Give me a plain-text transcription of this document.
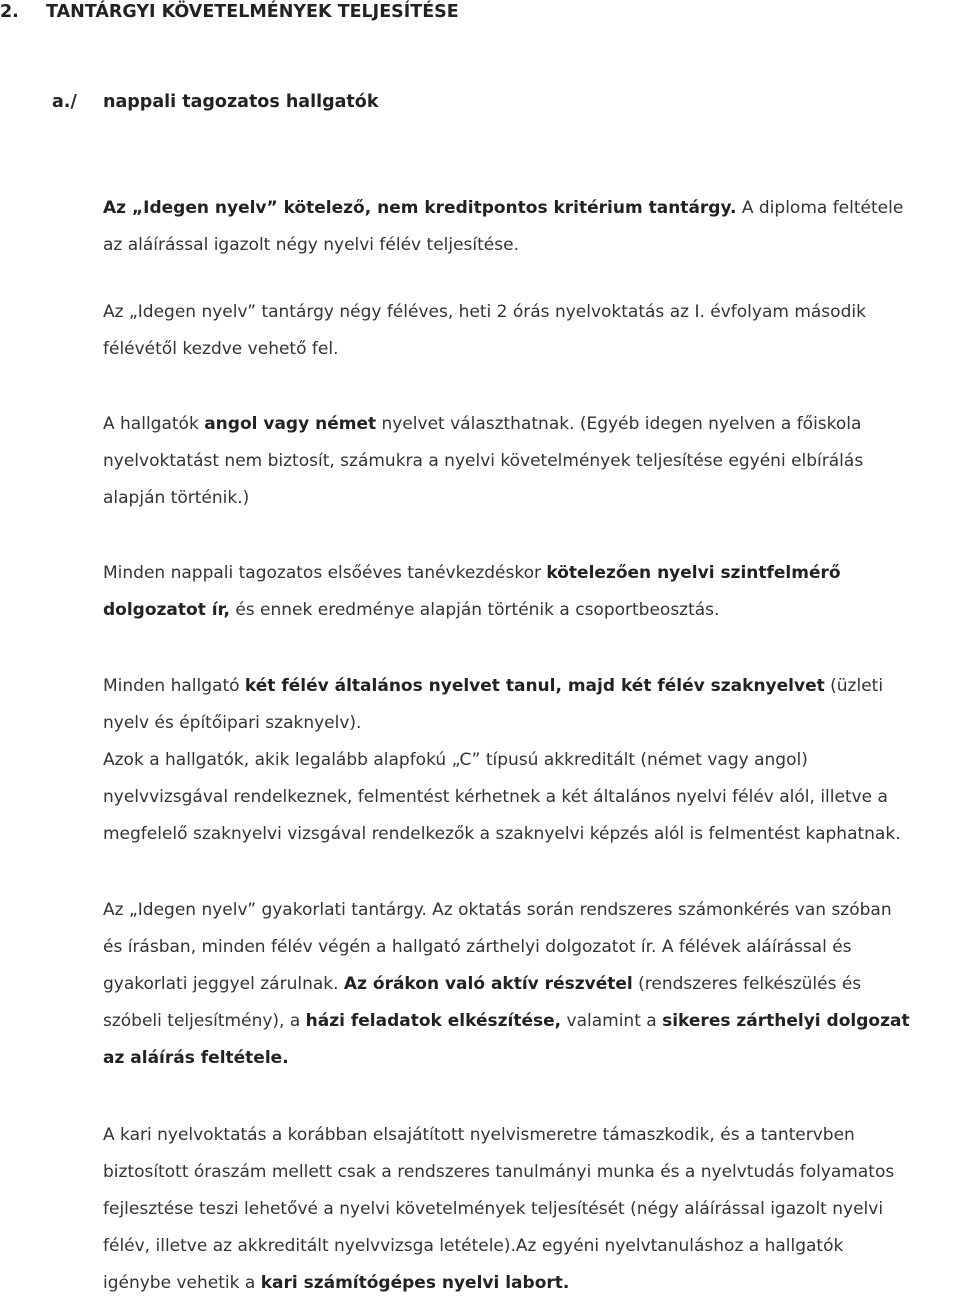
2. TANTÁRGYI KÖVETELMÉNYEK TELJESÍTÉSE
a./ nappali tagozatos hallgatók
Az „Idegen nyelv” kötelező, nem kreditpontos kritérium tantárgy. A diploma feltétele
az aláírással igazolt négy nyelvi félév teljesítése.
Az „Idegen nyelv” tantárgy négy féléves, heti 2 órás nyelvoktatás az I. évfolyam második
félévétől kezdve vehető fel.
A hallgatók angol vagy német nyelvet választhatnak. (Egyéb idegen nyelven a főiskola
nyelvoktatást nem biztosít, számukra a nyelvi követelmények teljesítése egyéni elbírálás
alapján történik.)
Minden nappali tagozatos elsőéves tanévkezdéskor kötelezően nyelvi szintfelmérő
dolgozatot ír, és ennek eredménye alapján történik a csoportbeosztás.
Minden hallgató két félév általános nyelvet tanul, majd két félév szaknyelvet (üzleti
nyelv és építőipari szaknyelv).
Azok a hallgatók, akik legalább alapfokú „C” típusú akkreditált (német vagy angol)
nyelvvizsgával rendelkeznek, felmentést kérhetnek a két általános nyelvi félév alól, illetve a
megfelelő szaknyelvi vizsgával rendelkezők a szaknyelvi képzés alól is felmentést kaphatnak.
Az „Idegen nyelv” gyakorlati tantárgy. Az oktatás során rendszeres számonkérés van szóban
és írásban, minden félév végén a hallgató zárthelyi dolgozatot ír. A félévek aláírással és
gyakorlati jeggyel zárulnak. Az órákon való aktív részvétel (rendszeres felkészülés és
szóbeli teljesítmény), a házi feladatok elkészítése, valamint a sikeres zárthelyi dolgozat
az aláírás feltétele.
A kari nyelvoktatás a korábban elsajátított nyelvismeretre támaszkodik, és a tantervben
biztosított óraszám mellett csak a rendszeres tanulmányi munka és a nyelvtudás folyamatos
fejlesztése teszi lehetővé a nyelvi követelmények teljesítését (négy aláírással igazolt nyelvi
félév, illetve az akkreditált nyelvvizsga letétele).Az egyéni nyelvtanuláshoz a hallgatók
igénybe vehetik a kari számítógépes nyelvi labort.
